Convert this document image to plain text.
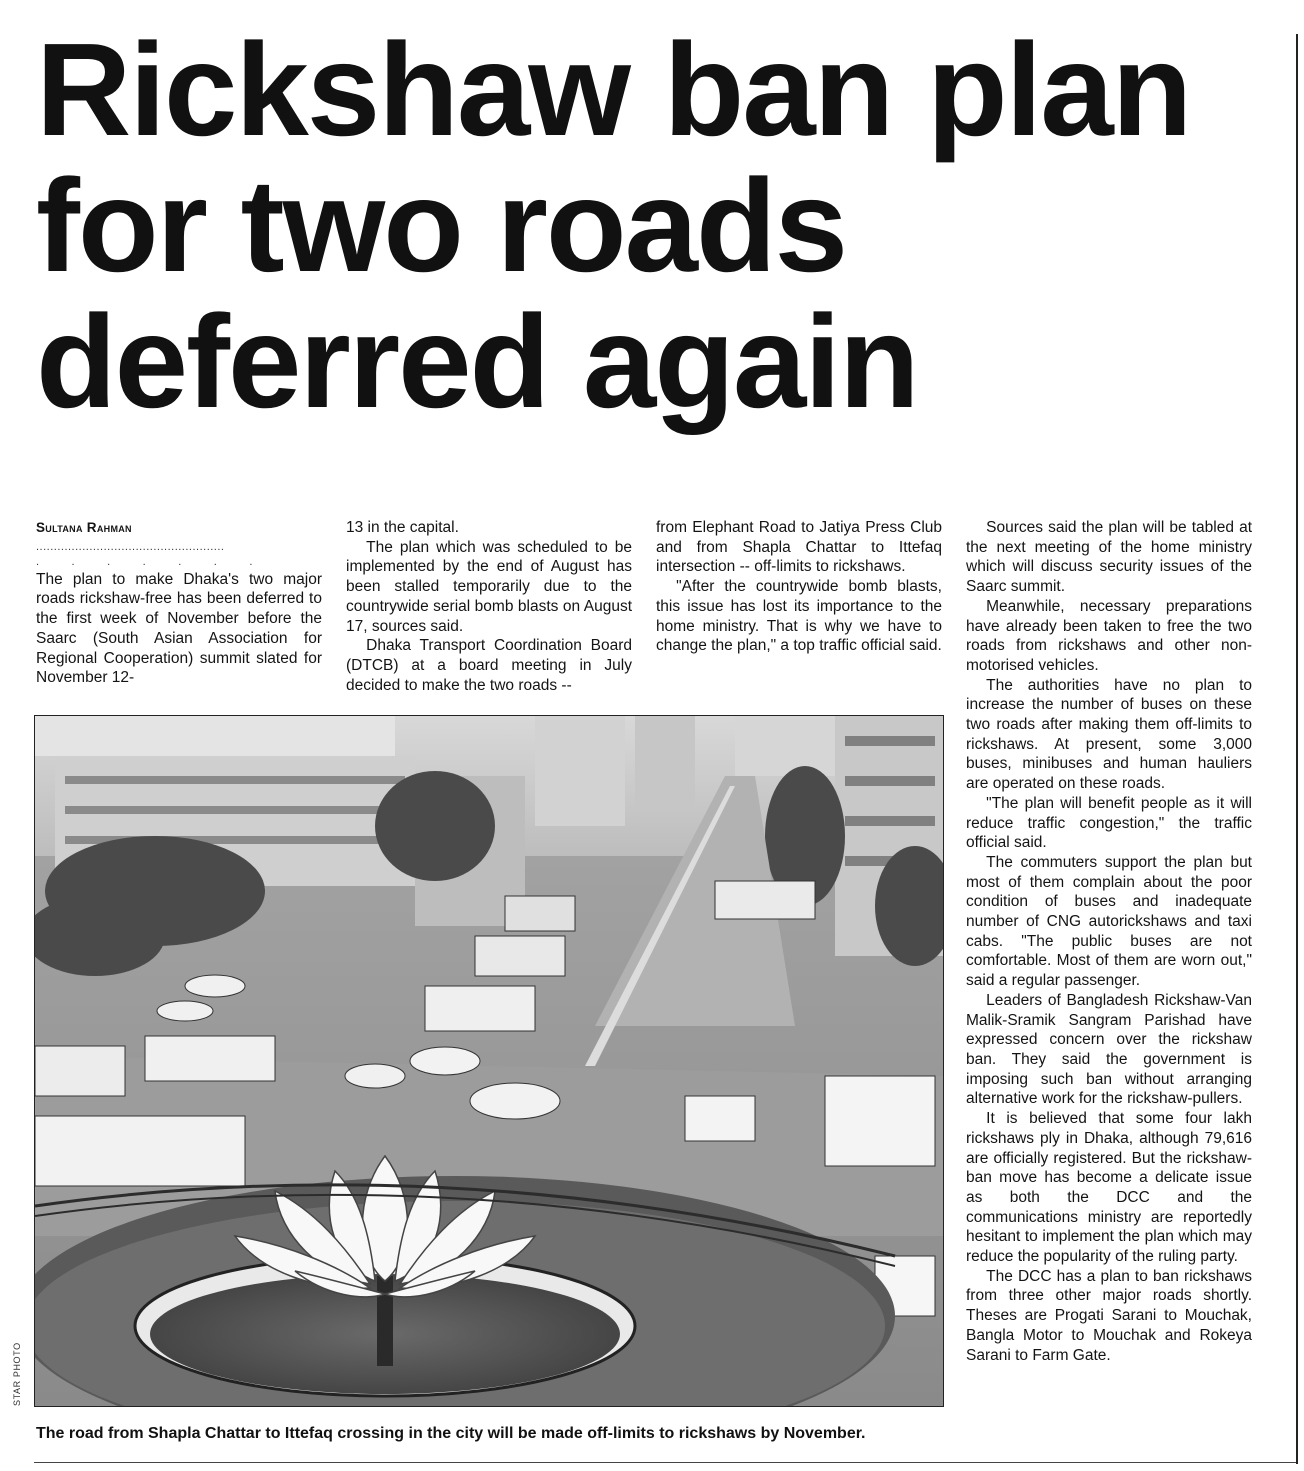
Rickshaw ban plan
for two roads
deferred again
Sultana Rahman
.....................................................
.         .         .         .         .         .         .

The plan to make Dhaka's two major roads rickshaw-free has been deferred to the first week of November before the Saarc (South Asian Association for Regional Cooperation) summit slated for November 12-

13 in the capital.

The plan which was scheduled to be implemented by the end of August has been stalled temporarily due to the countrywide serial bomb blasts on August 17, sources said.

Dhaka Transport Coordination Board (DTCB) at a board meeting in July decided to make the two roads --

from Elephant Road to Jatiya Press Club and from Shapla Chattar to Ittefaq intersection -- off-limits to rickshaws.

"After the countrywide bomb blasts, this issue has lost its importance to the home ministry. That is why we have to change the plan," a top traffic official said.

Sources said the plan will be tabled at the next meeting of the home ministry which will discuss security issues of the Saarc summit.

Meanwhile, necessary preparations have already been taken to free the two roads from rickshaws and other non-motorised vehicles.

The authorities have no plan to increase the number of buses on these two roads after making them off-limits to rickshaws. At present, some 3,000 buses, minibuses and human hauliers are operated on these roads.

"The plan will benefit people as it will reduce traffic congestion," the traffic official said.

The commuters support the plan but most of them complain about the poor condition of buses and inadequate number of CNG autorickshaws and taxi cabs. "The public buses are not comfortable. Most of them are worn out," said a regular passenger.

Leaders of Bangladesh Rickshaw-Van Malik-Sramik Sangram Parishad have expressed concern over the rickshaw ban. They said the government is imposing such ban without arranging alternative work for the rickshaw-pullers.

It is believed that some four lakh rickshaws ply in Dhaka, although 79,616 are officially registered. But the rickshaw-ban move has become a delicate issue as both the DCC and the communications ministry are reportedly hesitant to implement the plan which may reduce the popularity of the ruling party.

The DCC has a plan to ban rickshaws from three other major roads shortly. Theses are Progati Sarani to Mouchak, Bangla Motor to Mouchak and Rokeya Sarani to Farm Gate.

STAR PHOTO

The road from Shapla Chattar to Ittefaq crossing in the city will be made off-limits to rickshaws by November.
